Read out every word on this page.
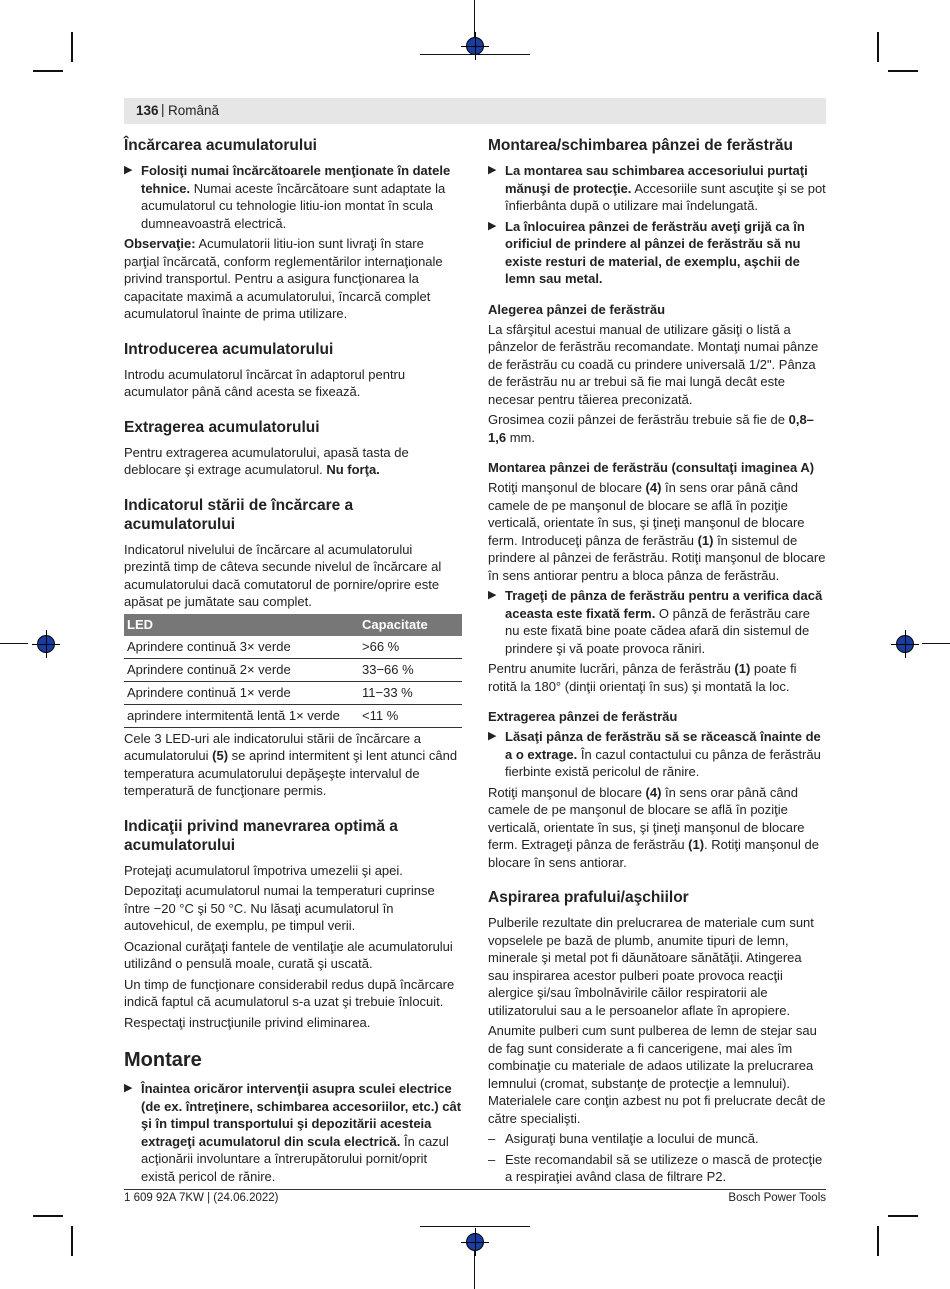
136 | Română
Încărcarea acumulatorului
▶ Folosiţi numai încărcătoarele menţionate în datele tehnice. Numai aceste încărcătoare sunt adaptate la acumulatorul cu tehnologie litiu-ion montat în scula dumneavoastră electrică.

Observaţie: Acumulatorii litiu-ion sunt livraţi în stare parţial încărcată, conform reglementărilor internaţionale privind transportul. Pentru a asigura funcţionarea la capacitate maximă a acumulatorului, încarcă complet acumulatorul înainte de prima utilizare.

Introducerea acumulatorului

Introdu acumulatorul încărcat în adaptorul pentru acumulator până când acesta se fixează.

Extragerea acumulatorului

Pentru extragerea acumulatorului, apasă tasta de deblocare şi extrage acumulatorul. Nu forţa.

Indicatorul stării de încărcare a acumulatorului

Indicatorul nivelului de încărcare al acumulatorului prezintă timp de câteva secunde nivelul de încărcare al acumulatorului dacă comutatorul de pornire/oprire este apăsat pe jumătate sau complet.

LED	Capacitate
Aprindere continuă 3× verde	>66 %
Aprindere continuă 2× verde	33−66 %
Aprindere continuă 1× verde	11−33 %
aprindere intermitentă lentă 1× verde	<11 %

Cele 3 LED-uri ale indicatorului stării de încărcare a acumulatorului (5) se aprind intermitent şi lent atunci când temperatura acumulatorului depăşeşte intervalul de temperatură de funcţionare permis.

Indicaţii privind manevrarea optimă a acumulatorului

Protejaţi acumulatorul împotriva umezelii şi apei.

Depozitaţi acumulatorul numai la temperaturi cuprinse între −20 °C şi 50 °C. Nu lăsaţi acumulatorul în autovehicul, de exemplu, pe timpul verii.

Ocazional curăţaţi fantele de ventilaţie ale acumulatorului utilizând o pensulă moale, curată şi uscată.

Un timp de funcţionare considerabil redus după încărcare indică faptul că acumulatorul s-a uzat şi trebuie înlocuit.

Respectaţi instrucţiunile privind eliminarea.

Montare
▶ Înaintea oricăror intervenţii asupra sculei electrice (de ex. întreţinere, schimbarea accesoriilor, etc.) cât şi în timpul transportului şi depozitării acesteia extrageţi acumulatorul din scula electrică. În cazul acţionării involuntare a întrerupătorului pornit/oprit există pericol de rănire.
Montarea/schimbarea pânzei de ferăstrău
▶ La montarea sau schimbarea accesoriului purtaţi mănuşi de protecţie. Accesoriile sunt ascuţite şi se pot înfierbânta după o utilizare mai îndelungată.
▶ La înlocuirea pânzei de ferăstrău aveţi grijă ca în orificiul de prindere al pânzei de ferăstrău să nu existe resturi de material, de exemplu, aşchii de lemn sau metal.
Alegerea pânzei de ferăstrău

La sfârşitul acestui manual de utilizare găsiţi o listă a pânzelor de ferăstrău recomandate. Montaţi numai pânze de ferăstrău cu coadă cu prindere universală 1/2". Pânza de ferăstrău nu ar trebui să fie mai lungă decât este necesar pentru tăierea preconizată.

Grosimea cozii pânzei de ferăstrău trebuie să fie de 0,8–1,6 mm.

Montarea pânzei de ferăstrău (consultaţi imaginea A)

Rotiţi manşonul de blocare (4) în sens orar până când camele de pe manşonul de blocare se află în poziţie verticală, orientate în sus, şi ţineţi manşonul de blocare ferm. Introduceţi pânza de ferăstrău (1) în sistemul de prindere al pânzei de ferăstrău. Rotiţi manşonul de blocare în sens antiorar pentru a bloca pânza de ferăstrău.

▶ Trageţi de pânza de ferăstrău pentru a verifica dacă aceasta este fixată ferm. O pânză de ferăstrău care nu este fixată bine poate cădea afară din sistemul de prindere şi vă poate provoca răniri.

Pentru anumite lucrări, pânza de ferăstrău (1) poate fi rotită la 180° (dinţii orientaţi în sus) şi montată la loc.

Extragerea pânzei de ferăstrău
▶ Lăsaţi pânza de ferăstrău să se răcească înainte de a o extrage. În cazul contactului cu pânza de ferăstrău fierbinte există pericolul de rănire.

Rotiţi manşonul de blocare (4) în sens orar până când camele de pe manşonul de blocare se află în poziţie verticală, orientate în sus, şi ţineţi manşonul de blocare ferm. Extrageţi pânza de ferăstrău (1). Rotiţi manşonul de blocare în sens antiorar.

Aspirarea prafului/aşchiilor

Pulberile rezultate din prelucrarea de materiale cum sunt vopselele pe bază de plumb, anumite tipuri de lemn, minerale şi metal pot fi dăunătoare sănătăţii. Atingerea sau inspirarea acestor pulberi poate provoca reacţii alergice şi/sau îmbolnăvirile căilor respiratorii ale utilizatorului sau a le persoanelor aflate în apropiere.

Anumite pulberi cum sunt pulberea de lemn de stejar sau de fag sunt considerate a fi cancerigene, mai ales îm combinaţie cu materiale de adaos utilizate la prelucrarea lemnului (cromat, substanţe de protecţie a lemnului). Materialele care conţin azbest nu pot fi prelucrate decât de către specialişti.

– Asiguraţi buna ventilaţie a locului de muncă.
– Este recomandabil să se utilizeze o mască de protecţie a respiraţiei având clasa de filtrare P2.
1 609 92A 7KW | (24.06.2022)	Bosch Power Tools
